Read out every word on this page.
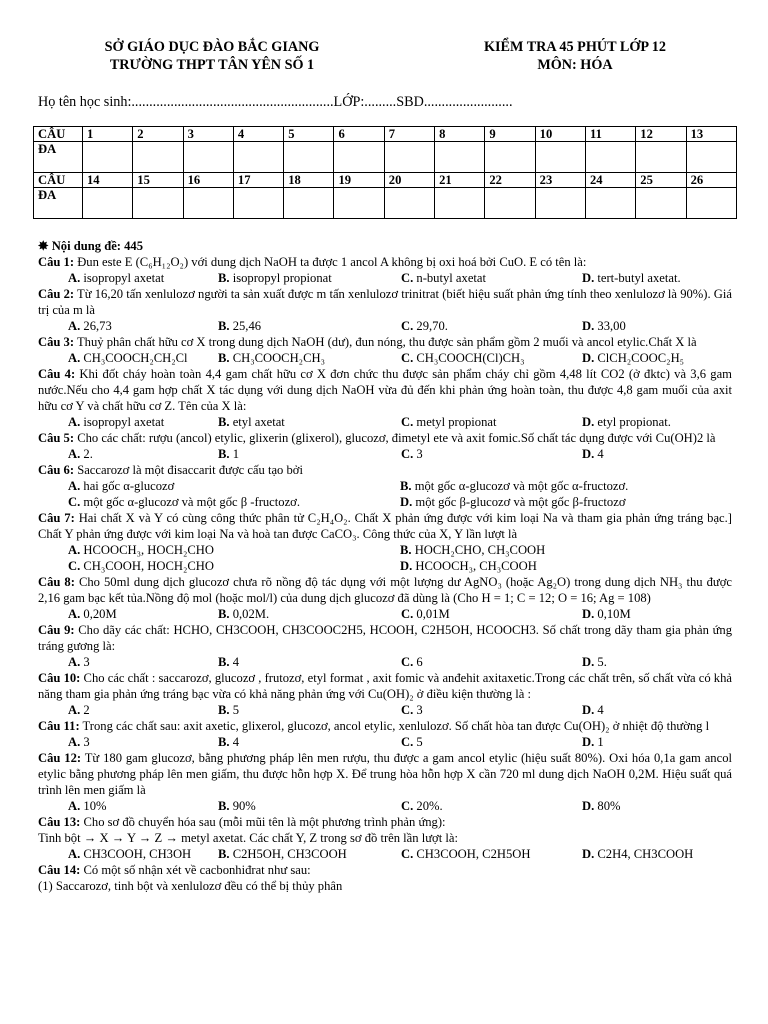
SỞ GIÁO DỤC ĐÀO BẮC GIANG
TRƯỜNG THPT TÂN YÊN SỐ 1
KIỂM TRA 45 PHÚT LỚP 12
MÔN: HÓA
Họ tên học sinh:.........................................................LỚP:.........SBD.........................
CÂU	1	2	3	4	5	6	7	8	9	10	11	12	13
ĐA													
CÂU	14	15	16	17	18	19	20	21	22	23	24	25	26
ĐA													
✸ Nội dung đề: 445
Câu 1: Đun este E (C₆H₁₂O₂) với dung dịch NaOH ta được 1 ancol A không bị oxi hoá bởi CuO. E có tên là:
A. isopropyl axetat	B. isopropyl propionat	C. n-butyl axetat	D. tert-butyl axetat.
Câu 2: Từ 16,20 tấn xenlulozơ người ta sản xuất được m tấn xenlulozơ trinitrat (biết hiệu suất phản ứng tính theo xenlulozơ là 90%). Giá trị của m là
A. 26,73	B. 25,46	C. 29,70.	D. 33,00
Câu 3: Thuỷ phân chất hữu cơ X trong dung dịch NaOH (dư), đun nóng, thu được sản phẩm gồm 2 muối và ancol etylic.Chất X là
A. CH₃COOCH₂CH₂Cl	B. CH₃COOCH₂CH₃	C. CH₃COOCH(Cl)CH₃	D. ClCH₂COOC₂H₅
Câu 4: Khi đốt cháy hoàn toàn 4,4 gam chất hữu cơ X đơn chức thu được sản phẩm cháy chỉ gồm 4,48 lít CO2 (ở đktc) và 3,6 gam nước.Nếu cho 4,4 gam hợp chất X tác dụng với dung dịch NaOH vừa đủ đến khi phản ứng hoàn toàn, thu được 4,8 gam muối của axit hữu cơ Y và chất hữu cơ Z. Tên của X là:
A. isopropyl axetat	B. etyl axetat	C. metyl propionat	D. etyl propionat.
Câu 5: Cho các chất: rượu (ancol) etylic, glixerin (glixerol), glucozơ, đimetyl ete và axit fomic.Số chất tác dụng được với Cu(OH)2 là
A. 2.	B. 1	C. 3	D. 4
Câu 6: Saccarozơ là một đisaccarit được cấu tạo bởi
A. hai gốc α-glucozơ	B. một gốc α-glucozơ và một gốc α-fructozơ.
C. một gốc α-glucozơ và một gốc β -fructozơ.	D. một gốc β-glucozơ và một gốc β-fructozơ
Câu 7: Hai chất X và Y có cùng công thức phân tử C₂H₄O₂. Chất X phản ứng được với kim loại Na và tham gia phản ứng tráng bạc.] Chất Y phản ứng được với kim loại Na và hoà tan được CaCO₃. Công thức của X, Y lần lượt là
A. HCOOCH₃, HOCH₂CHO	B. HOCH₂CHO, CH₃COOH
C. CH₃COOH, HOCH₂CHO	D. HCOOCH₃, CH₃COOH
Câu 8: Cho 50ml dung dịch glucozơ chưa rõ nồng độ tác dụng với một lượng dư AgNO₃ (hoặc Ag₂O) trong dung dịch NH₃ thu được 2,16 gam bạc kết tủa.Nồng độ mol (hoặc mol/l) của dung dịch glucozơ đã dùng là (Cho H = 1; C = 12; O = 16; Ag = 108)
A. 0,20M	B. 0,02M.	C. 0,01M	D. 0,10M
Câu 9: Cho dãy các chất: HCHO, CH3COOH, CH3COOC2H5, HCOOH, C2H5OH, HCOOCH3. Số chất trong dãy tham gia phản ứng tráng gương là:
A. 3	B. 4	C. 6	D. 5.
Câu 10: Cho các chất : saccarozơ, glucozơ , frutozơ, etyl format , axit fomic và anđehit axitaxetic.Trong các chất trên, số chất vừa có khả năng tham gia phản ứng tráng bạc vừa có khả năng phản ứng với Cu(OH)₂ ở điều kiện thường là :
A. 2	B. 5	C. 3	D. 4
Câu 11: Trong các chất sau: axit axetic, glixerol, glucozơ, ancol etylic, xenlulozơ. Số chất hòa tan được Cu(OH)₂ ở nhiệt độ thường l
A. 3	B. 4	C. 5	D. 1
Câu 12: Từ 180 gam glucozơ, bằng phương pháp lên men rượu, thu được a gam ancol etylic (hiệu suất 80%). Oxi hóa 0,1a gam ancol etylic bằng phương pháp lên men giấm, thu được hỗn hợp X. Để trung hòa hỗn hợp X cần 720 ml dung dịch NaOH 0,2M. Hiệu suất quá trình lên men giấm là
A. 10%	B. 90%	C. 20%.	D. 80%
Câu 13: Cho sơ đồ chuyển hóa sau (mỗi mũi tên là một phương trình phản ứng):
Tinh bột → X → Y → Z → metyl axetat. Các chất Y, Z trong sơ đồ trên lần lượt là:
A. CH3COOH, CH3OH	B. C2H5OH, CH3COOH	C. CH3COOH, C2H5OH	D. C2H4, CH3COOH
Câu 14: Có một số nhận xét về cacbonhiđrat như sau:
(1) Saccarozơ, tinh bột và xenlulozơ đều có thể bị thủy phân
